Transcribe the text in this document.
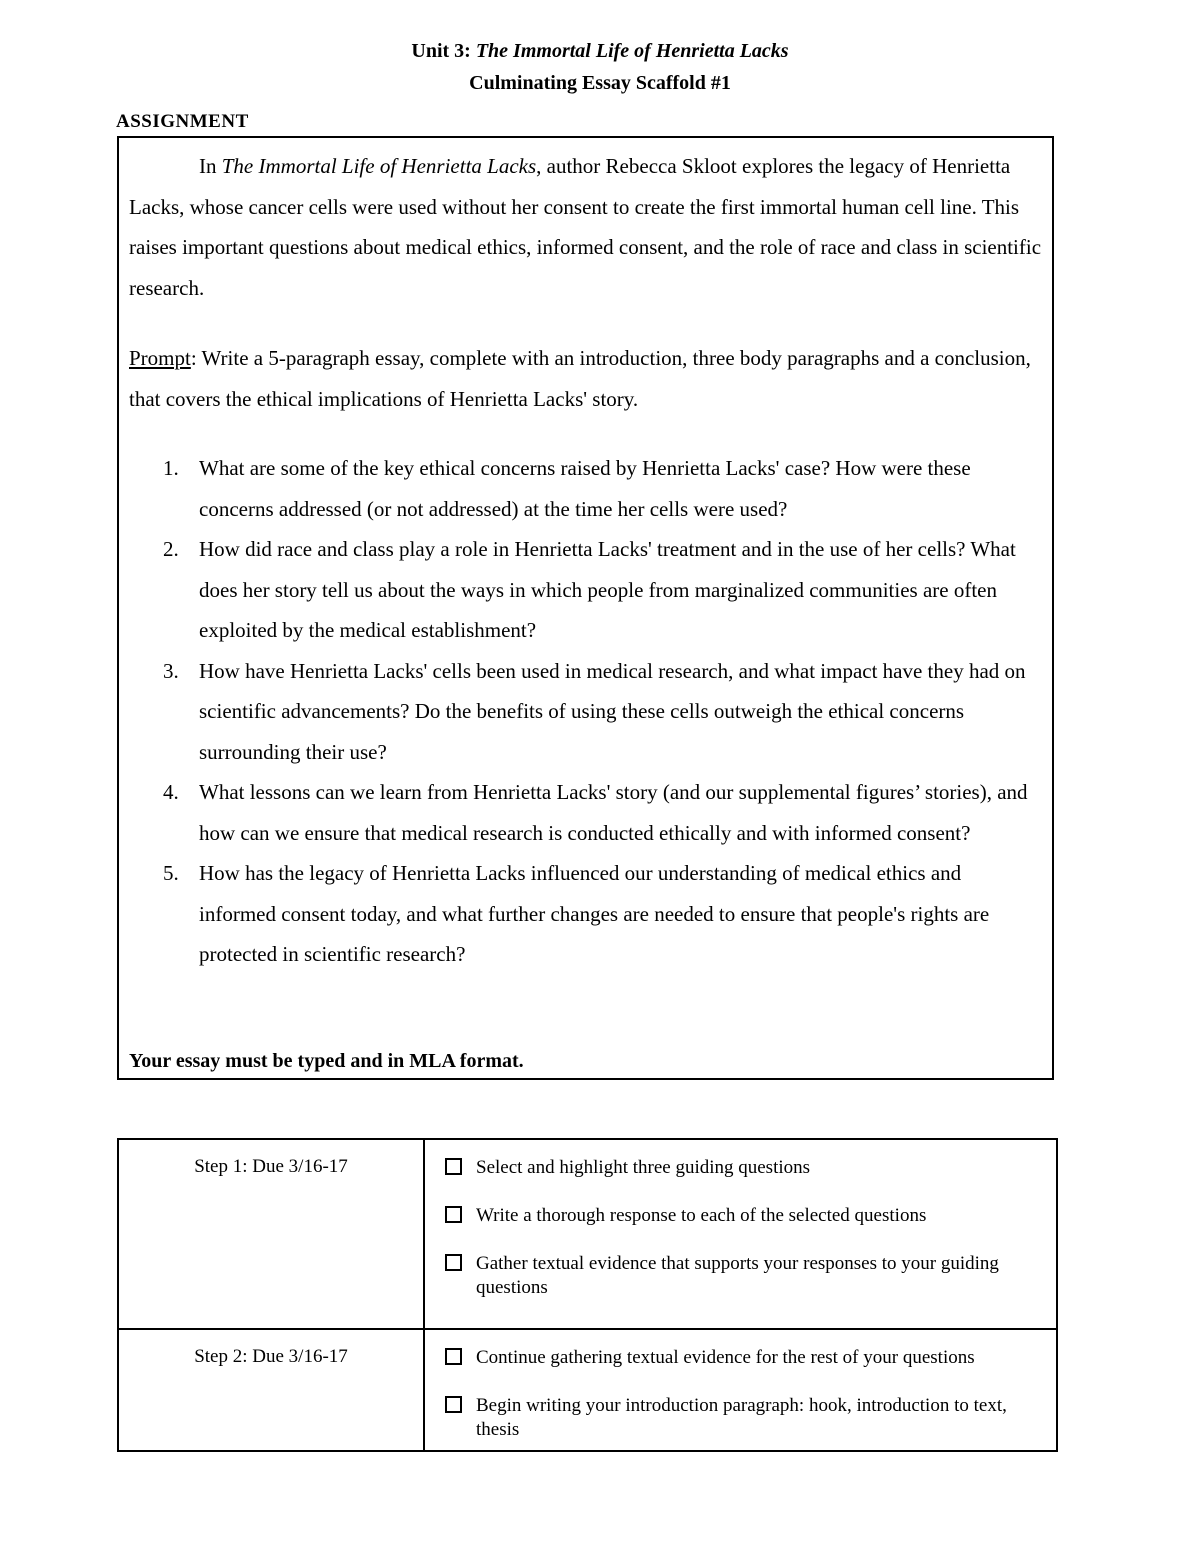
Unit 3: The Immortal Life of Henrietta Lacks
Culminating Essay Scaffold #1
ASSIGNMENT

In The Immortal Life of Henrietta Lacks, author Rebecca Skloot explores the legacy of Henrietta Lacks, whose cancer cells were used without her consent to create the first immortal human cell line. This raises important questions about medical ethics, informed consent, and the role of race and class in scientific research.

Prompt: Write a 5-paragraph essay, complete with an introduction, three body paragraphs and a conclusion, that covers the ethical implications of Henrietta Lacks' story.

1. What are some of the key ethical concerns raised by Henrietta Lacks' case? How were these concerns addressed (or not addressed) at the time her cells were used?
2. How did race and class play a role in Henrietta Lacks' treatment and in the use of her cells? What does her story tell us about the ways in which people from marginalized communities are often exploited by the medical establishment?
3. How have Henrietta Lacks' cells been used in medical research, and what impact have they had on scientific advancements? Do the benefits of using these cells outweigh the ethical concerns surrounding their use?
4. What lessons can we learn from Henrietta Lacks' story (and our supplemental figures’ stories), and how can we ensure that medical research is conducted ethically and with informed consent?
5. How has the legacy of Henrietta Lacks influenced our understanding of medical ethics and informed consent today, and what further changes are needed to ensure that people's rights are protected in scientific research?
Your essay must be typed and in MLA format.
Step 1: Due 3/16-17	Select and highlight three guiding questions
Write a thorough response to each of the selected questions
Gather textual evidence that supports your responses to your guiding questions

Step 2: Due 3/16-17	Continue gathering textual evidence for the rest of your questions
Begin writing your introduction paragraph: hook, introduction to text, thesis
